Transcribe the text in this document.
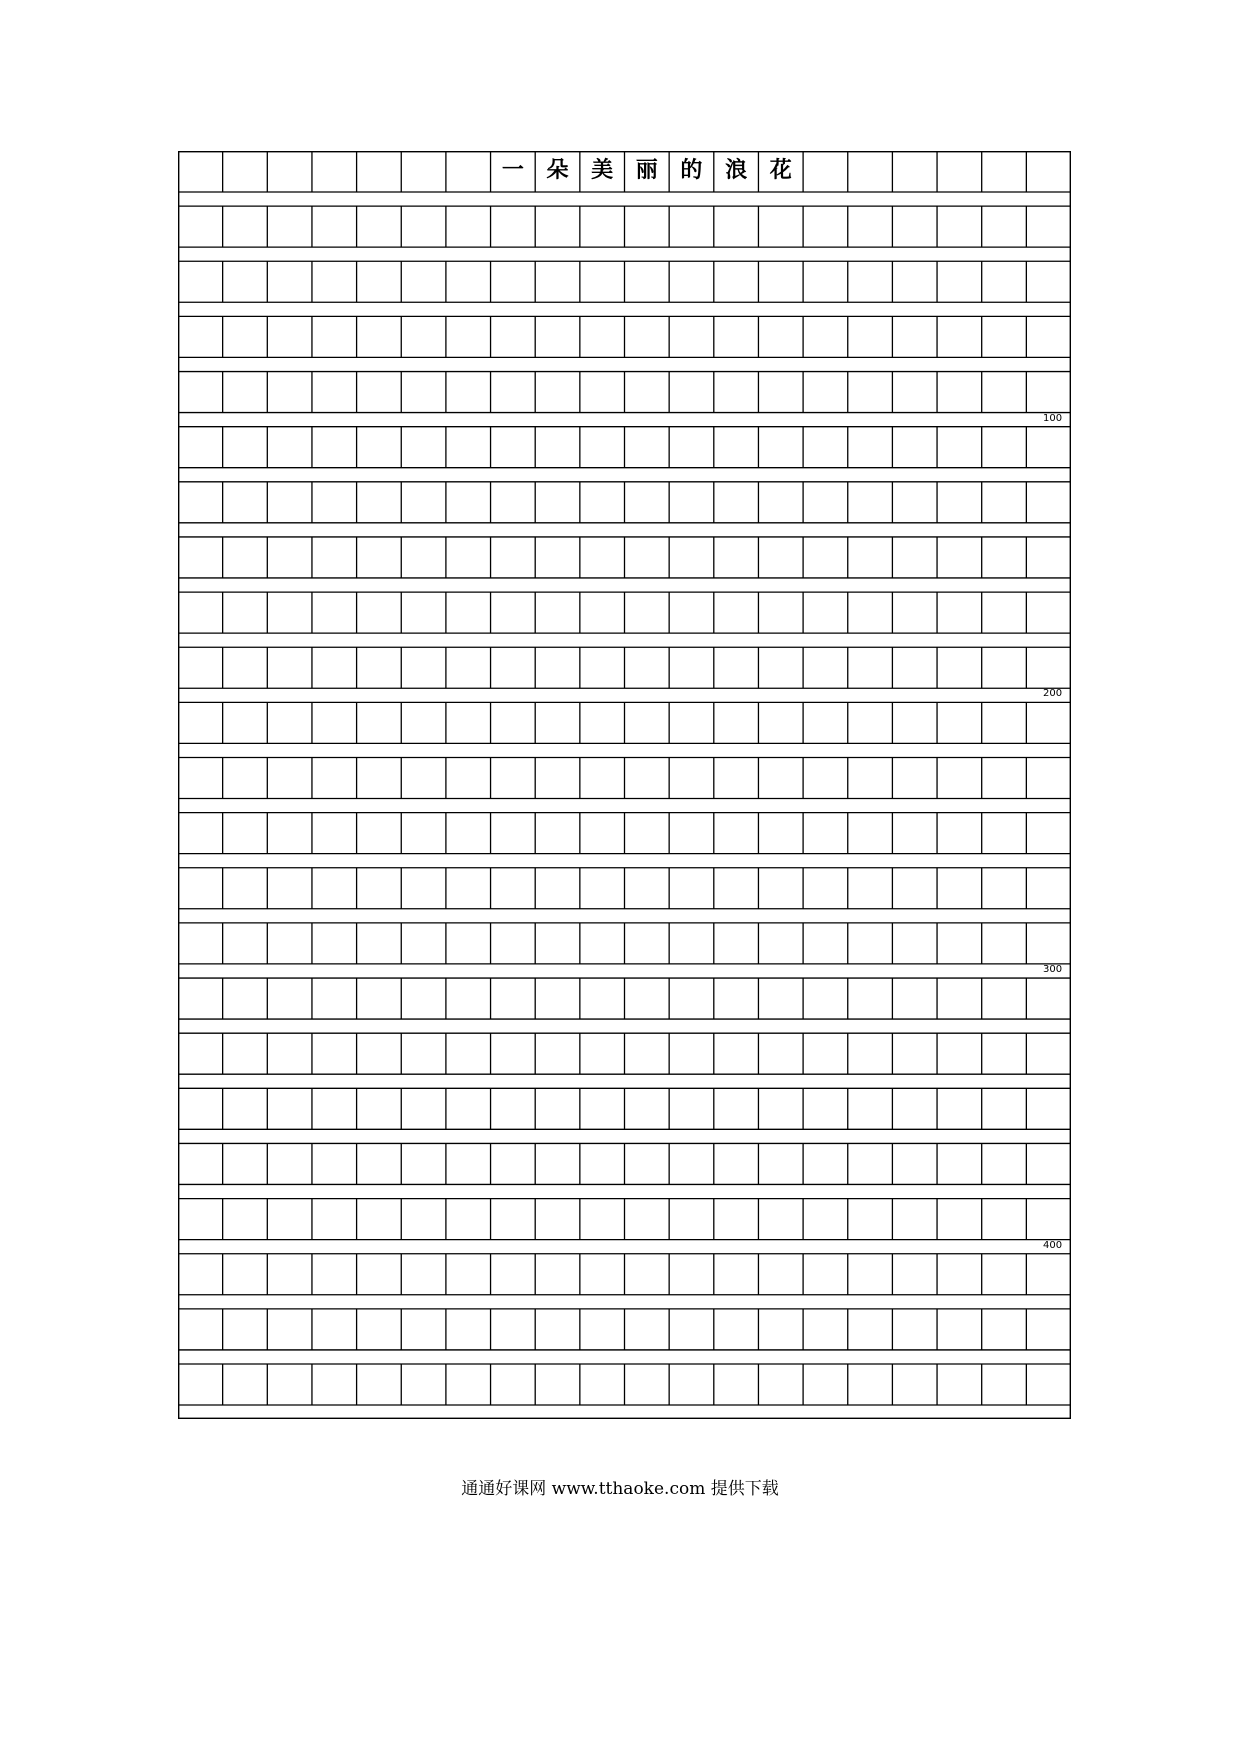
一	朵	美	丽	的	浪	花
100
200
300
400
通通好课网 www.tthaoke.com 提供下载
